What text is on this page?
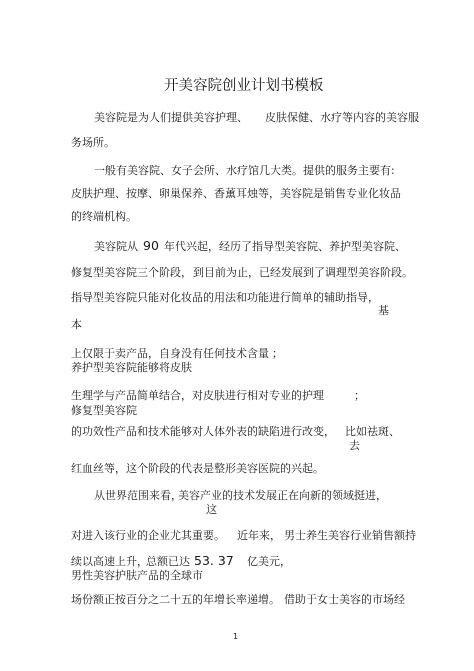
开美容院创业计划书模板
美容院是为人们提供美容护理、 皮肤保健、水疗等内容的美容服
务场所。
一般有美容院、女子会所、水疗馆几大类。提供的服务主要有:
皮肤护理、按摩、卵巢保养、香薰耳烛等，美容院是销售专业化妆品
的终端机构。
美容院从 90 年代兴起，经历了指导型美容院、养护型美容院、
修复型美容院三个阶段， 到目前为止，已经发展到了调理型美容阶段。
指导型美容院只能对化妆品的用法和功能进行简单的辅助指导，
基
本
上仅限于卖产品，自身没有任何技术含量 ；
养护型美容院能够将皮肤
生理学与产品简单结合，对皮肤进行相对专业的护理	；
修复型美容院
的功效性产品和技术能够对人体外表的缺陷进行改变， 比如祛斑、
去
红血丝等，这个阶段的代表是整形美容医院的兴起。
从世界范围来看，
美容产业的技术发展正在向新的领域挺进，
这
对进入该行业的企业尤其重要。 近年来， 男士养生美容行业销售额持
续以高速上升，
总额已达 53. 37 亿美元，
男性美容护肤产品的全球市
场份额正按百分之二十五的年增长率递增。 借助于女士美容的市场经
1
